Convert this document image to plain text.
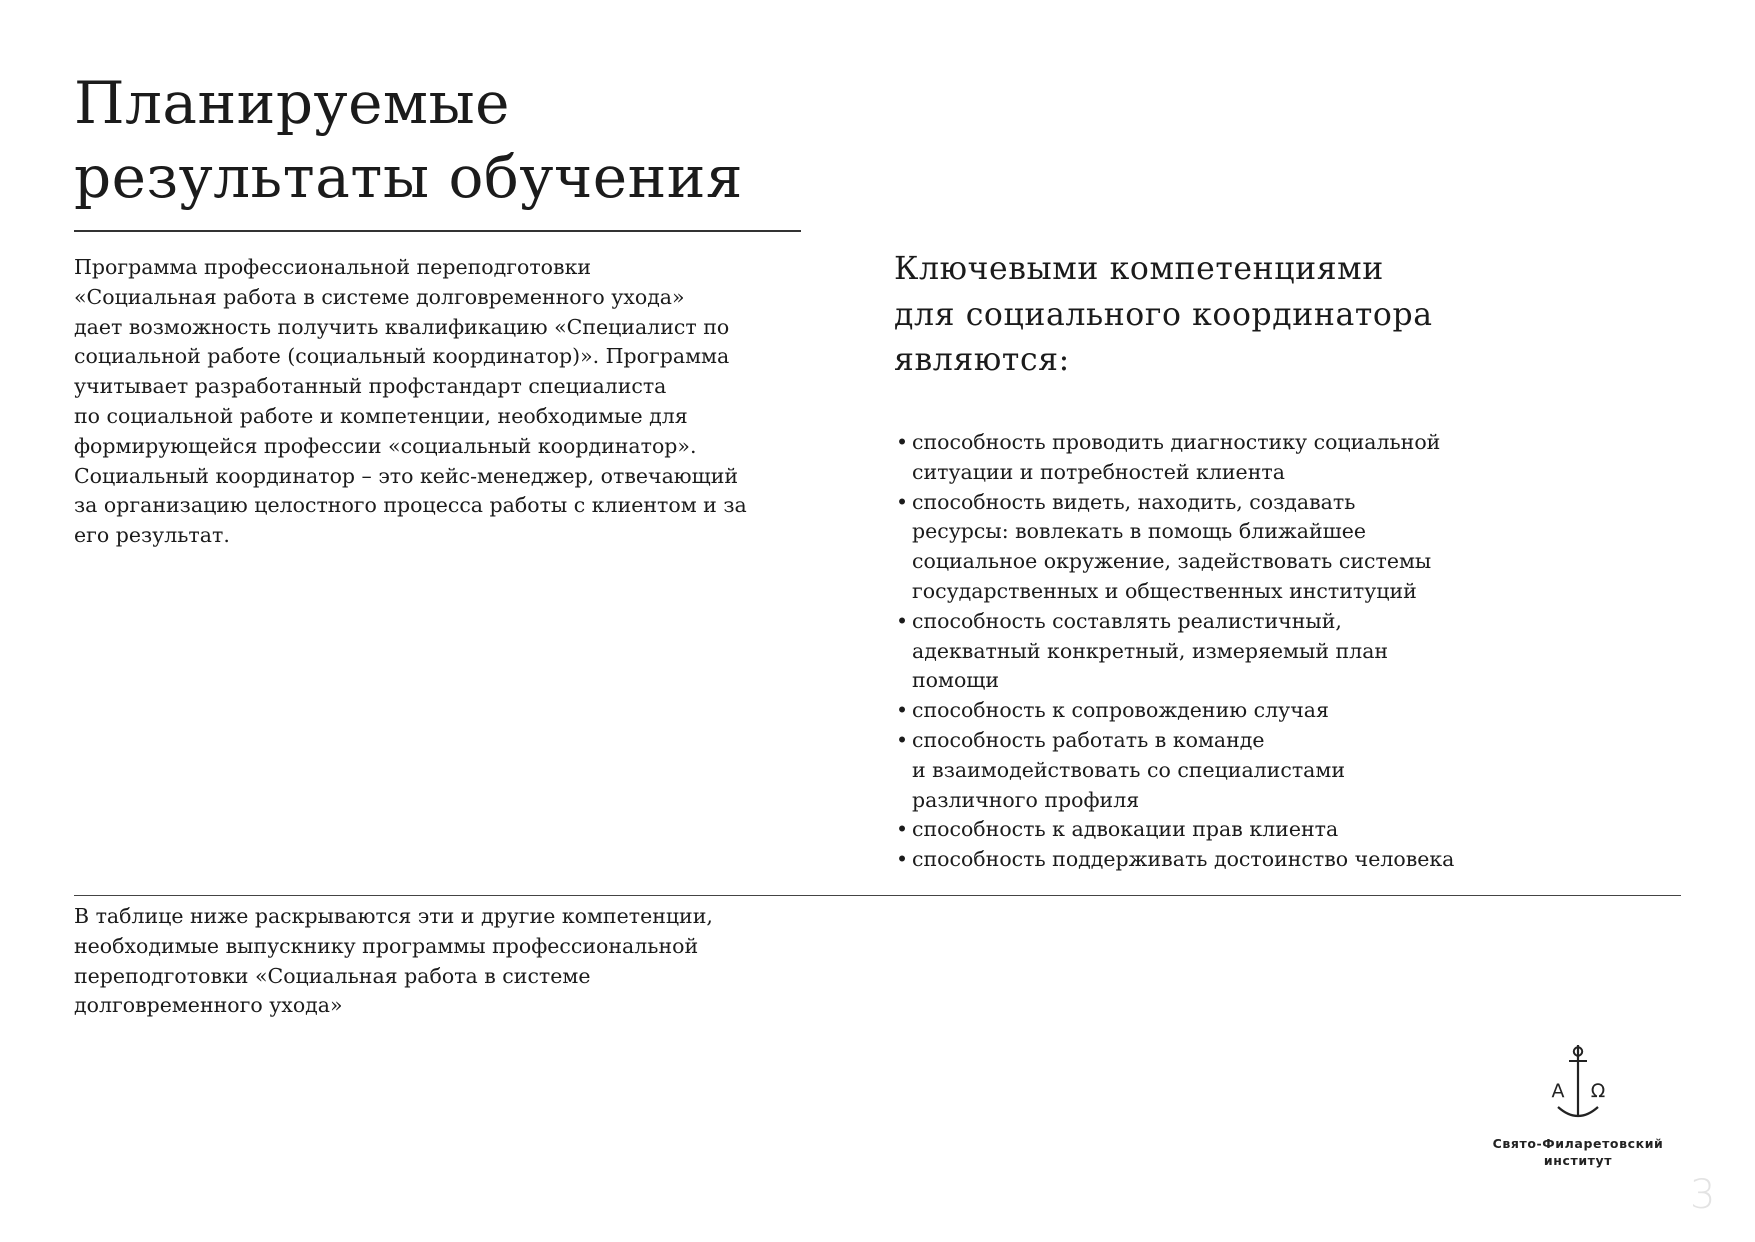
Планируемые
результаты обучения

Программа профессиональной переподготовки
«Социальная работа в системе долговременного ухода»
дает возможность получить квалификацию «Специалист по
социальной работе (социальный координатор)». Программа
учитывает разработанный профстандарт специалиста
по социальной работе и компетенции, необходимые для
формирующейся профессии «социальный координатор».
Социальный координатор – это кейс-менеджер, отвечающий
за организацию целостного процесса работы с клиентом и за
его результат.

Ключевыми компетенциями
для социального координатора
являются:
• способность проводить диагностику социальной
ситуации и потребностей клиента
• способность видеть, находить, создавать
ресурсы: вовлекать в помощь ближайшее
социальное окружение, задействовать системы
государственных и общественных институций
• способность составлять реалистичный,
адекватный конкретный, измеряемый план
помощи
• способность к сопровождению случая
• способность работать в команде
и взаимодействовать со специалистами
различного профиля
• способность к адвокации прав клиента
• способность поддерживать достоинство человека

В таблице ниже раскрываются эти и другие компетенции,
необходимые выпускнику программы профессиональной
переподготовки «Социальная работа в системе
долговременного ухода»

Α Ω
Свято-Филаретовский
институт
3
